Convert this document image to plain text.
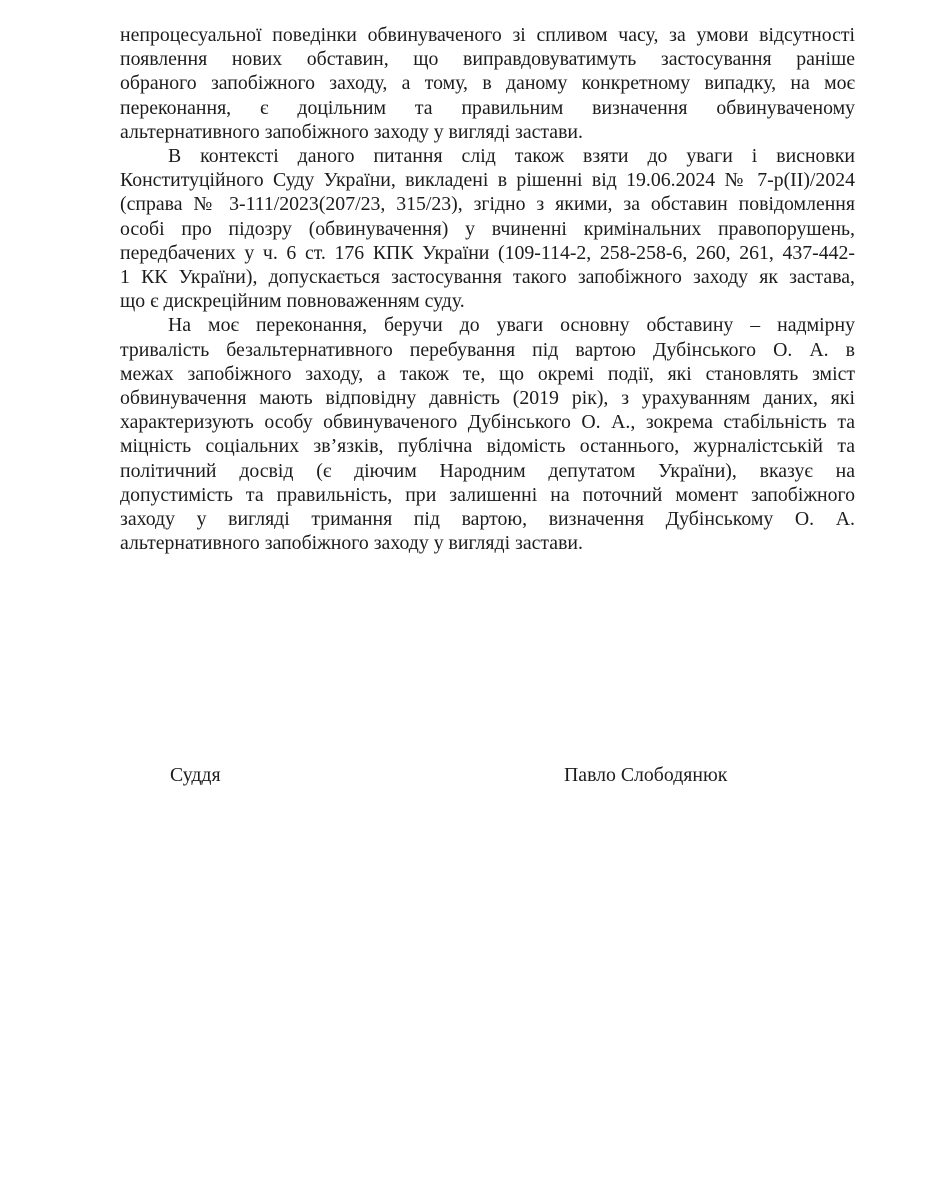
непроцесуальної поведінки обвинуваченого зі спливом часу, за умови відсутності
появлення нових обставин, що виправдовуватимуть застосування раніше
обраного запобіжного заходу, а тому, в даному конкретному випадку, на моє
переконання, є доцільним та правильним визначення обвинуваченому
альтернативного запобіжного заходу у вигляді застави.
В контексті даного питання слід також взяти до уваги і висновки
Конституційного Суду України, викладені в рішенні від 19.06.2024 № 7-р(ІІ)/2024
(справа № 3-111/2023(207/23, 315/23), згідно з якими, за обставин повідомлення
особі про підозру (обвинувачення) у вчиненні кримінальних правопорушень,
передбачених у ч. 6 ст. 176 КПК України (109-114-2, 258-258-6, 260, 261, 437-442-
1 КК України), допускається застосування такого запобіжного заходу як застава,
що є дискреційним повноваженням суду.
На моє переконання, беручи до уваги основну обставину – надмірну
тривалість безальтернативного перебування під вартою Дубінського О. А. в
межах запобіжного заходу, а також те, що окремі події, які становлять зміст
обвинувачення мають відповідну давність (2019 рік), з урахуванням даних, які
характеризують особу обвинуваченого Дубінського О. А., зокрема стабільність та
міцність соціальних зв’язків, публічна відомість останнього, журналістській та
політичний досвід (є діючим Народним депутатом України), вказує на
допустимість та правильність, при залишенні на поточний момент запобіжного
заходу у вигляді тримання під вартою, визначення Дубінському О. А.
альтернативного запобіжного заходу у вигляді застави.
Суддя	Павло Слободянюк
